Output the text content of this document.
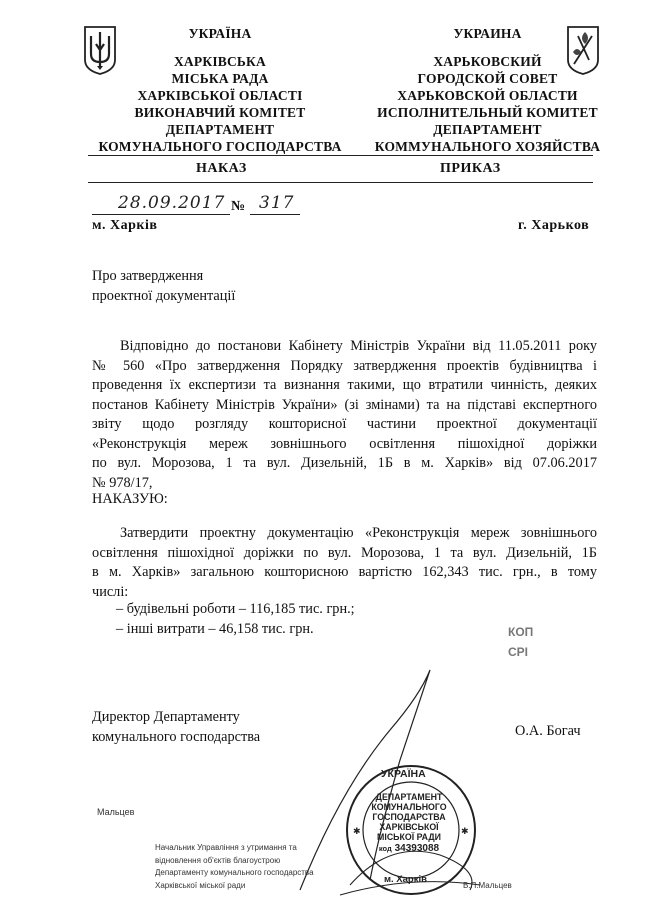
УКРАЇНА
ХАРКІВСЬКА
МІСЬКА РАДА
ХАРКІВСЬКОЇ ОБЛАСТІ
ВИКОНАВЧИЙ КОМІТЕТ
ДЕПАРТАМЕНТ
КОМУНАЛЬНОГО ГОСПОДАРСТВА
УКРАИНА
ХАРЬКОВСКИЙ
ГОРОДСКОЙ СОВЕТ
ХАРЬКОВСКОЙ ОБЛАСТИ
ИСПОЛНИТЕЛЬНЫЙ КОМИТЕТ
ДЕПАРТАМЕНТ
КОММУНАЛЬНОГО ХОЗЯЙСТВА
НАКАЗ	ПРИКАЗ
28.09.2017 № 317
м. Харків	г. Харьков
Про затвердження
проектної документації
Відповідно до постанови Кабінету Міністрів України від 11.05.2011 року
№ 560 «Про затвердження Порядку затвердження проектів будівництва і
проведення їх експертизи та визнання такими, що втратили чинність, деяких
постанов Кабінету Міністрів України» (зі змінами) та на підставі експертного
звіту щодо розгляду кошторисної частини проектної документації
«Реконструкція мереж зовнішнього освітлення пішохідної доріжки
по вул. Морозова, 1 та вул. Дизельній, 1Б в м. Харків» від 07.06.2017
№ 978/17,
НАКАЗУЮ:
Затвердити проектну документацію «Реконструкція мереж зовнішнього
освітлення пішохідної доріжки по вул. Морозова, 1 та вул. Дизельній, 1Б
в м. Харків» загальною кошторисною вартістю 162,343 тис. грн., в тому
числі:
– будівельні роботи – 116,185 тис. грн.;
– інші витрати – 46,158 тис. грн.	КОП
СРІ
Директор Департаменту
комунального господарства	О.А. Богач
✱	✱
УКРАЇНА
ДЕПАРТАМЕНТ
КОМУНАЛЬНОГО
ГОСПОДАРСТВА
ХАРКІВСЬКОЇ
МІСЬКОЇ РАДИ
код 34393088
м. Харків
Мальцев
Начальник Управління з утримання та
відновлення об'єктів благоустрою
Департаменту комунального господарства
Харківської міської ради	В.П.Мальцев
